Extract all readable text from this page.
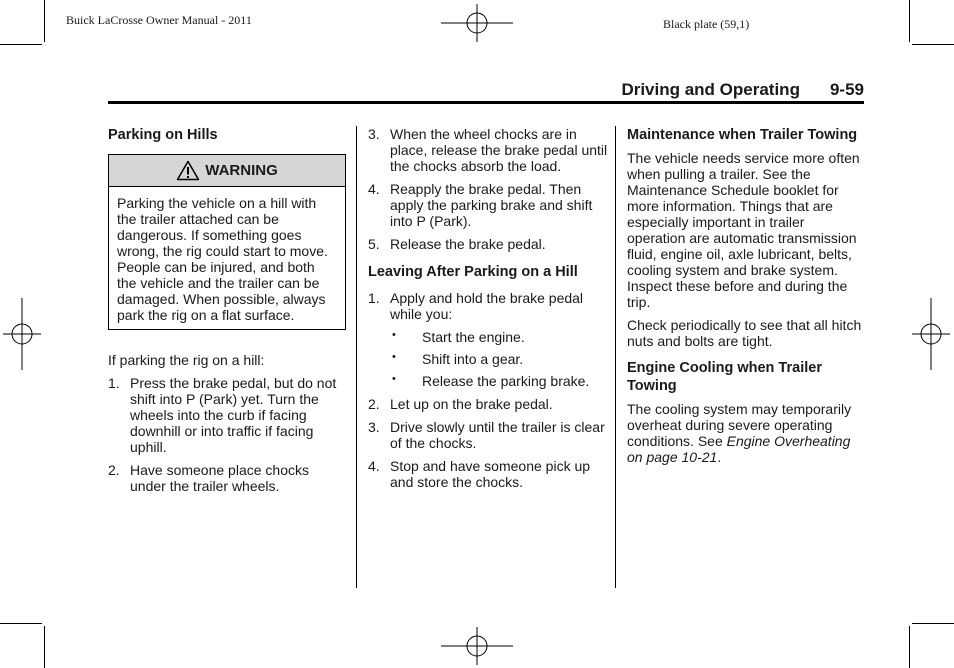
Buick LaCrosse Owner Manual - 2011	Black plate (59,1)
Driving and Operating 9-59
Parking on Hills
WARNING

Parking the vehicle on a hill with the trailer attached can be dangerous. If something goes wrong, the rig could start to move. People can be injured, and both the vehicle and the trailer can be damaged. When possible, always park the rig on a flat surface.

If parking the rig on a hill:

1. Press the brake pedal, but do not shift into P (Park) yet. Turn the wheels into the curb if facing downhill or into traffic if facing uphill.
2. Have someone place chocks under the trailer wheels.
3. When the wheel chocks are in place, release the brake pedal until the chocks absorb the load.
4. Reapply the brake pedal. Then apply the parking brake and shift into P (Park).
5. Release the brake pedal.
Leaving After Parking on a Hill
1. Apply and hold the brake pedal while you:
• Start the engine.
• Shift into a gear.
• Release the parking brake.
2. Let up on the brake pedal.
3. Drive slowly until the trailer is clear of the chocks.
4. Stop and have someone pick up and store the chocks.
Maintenance when Trailer Towing

The vehicle needs service more often when pulling a trailer. See the Maintenance Schedule booklet for more information. Things that are especially important in trailer operation are automatic transmission fluid, engine oil, axle lubricant, belts, cooling system and brake system. Inspect these before and during the trip.

Check periodically to see that all hitch nuts and bolts are tight.

Engine Cooling when Trailer Towing

The cooling system may temporarily overheat during severe operating conditions. See Engine Overheating on page 10-21.
